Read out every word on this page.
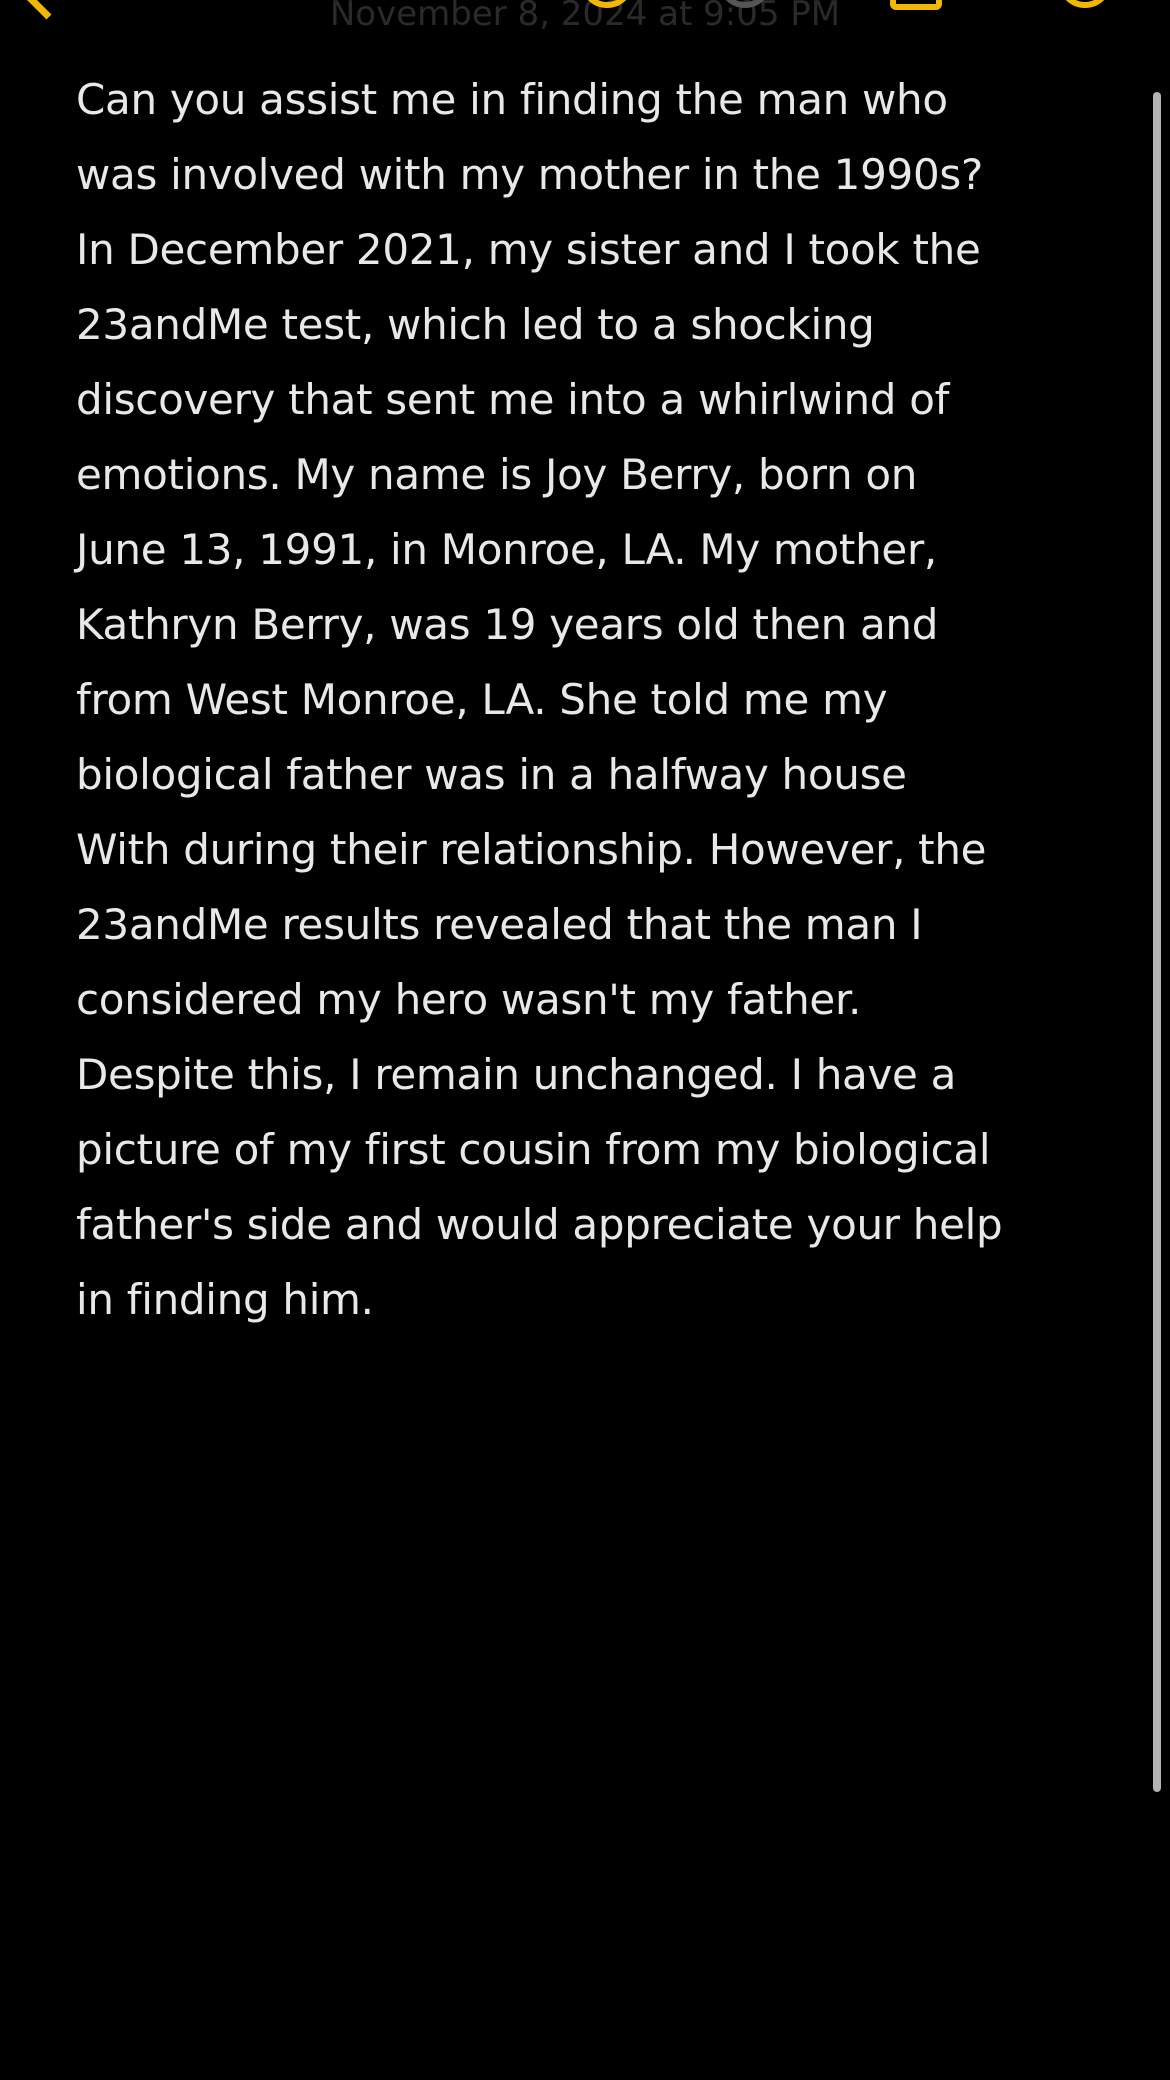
November 8, 2024 at 9:05 PM
Can you assist me in finding the man who
was involved with my mother in the 1990s?
In December 2021, my sister and I took the
23andMe test, which led to a shocking
discovery that sent me into a whirlwind of
emotions. My name is Joy Berry, born on
June 13, 1991, in Monroe, LA. My mother,
Kathryn Berry, was 19 years old then and
from West Monroe, LA. She told me my
biological father was in a halfway house
With during their relationship. However, the
23andMe results revealed that the man I
considered my hero wasn't my father.
Despite this, I remain unchanged. I have a
picture of my first cousin from my biological
father's side and would appreciate your help
in finding him.
